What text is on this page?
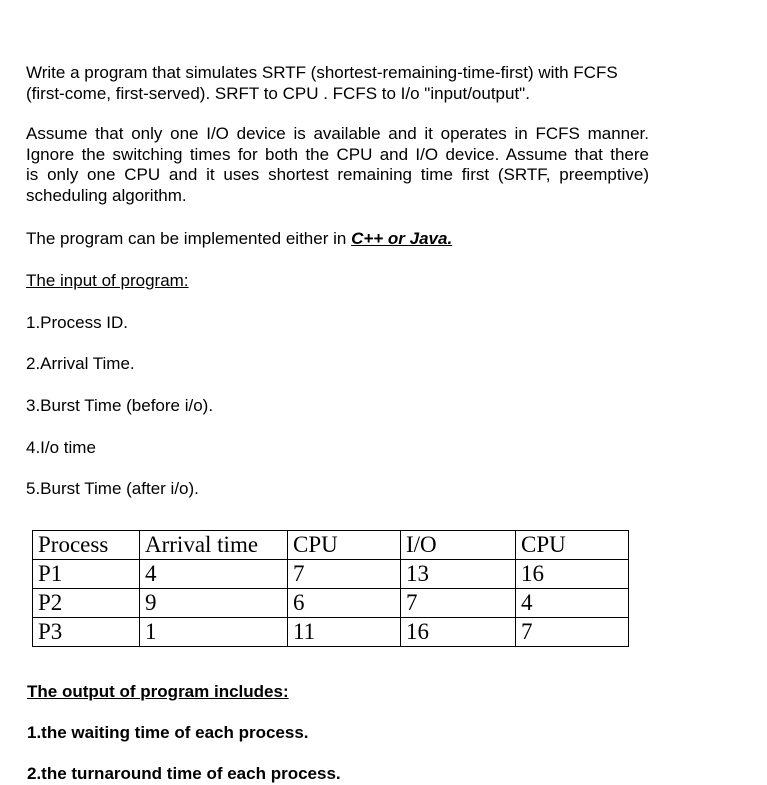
Write a program that simulates SRTF (shortest-remaining-time-first) with FCFS
(first-come, first-served). SRFT to CPU . FCFS to I/o "input/output".

Assume that only one I/O device is available and it operates in FCFS manner.
Ignore the switching times for both the CPU and I/O device. Assume that there
is only one CPU and it uses shortest remaining time first (SRTF, preemptive)
scheduling algorithm.

The program can be implemented either in C++ or Java.

The input of program:

1.Process ID.

2.Arrival Time.

3.Burst Time (before i/o).

4.I/o time

5.Burst Time (after i/o).

Process	Arrival time	CPU	I/O	CPU
P1	4	7	13	16
P2	9	6	7	4
P3	1	11	16	7

The output of program includes:

1.the waiting time of each process.

2.the turnaround time of each process.
